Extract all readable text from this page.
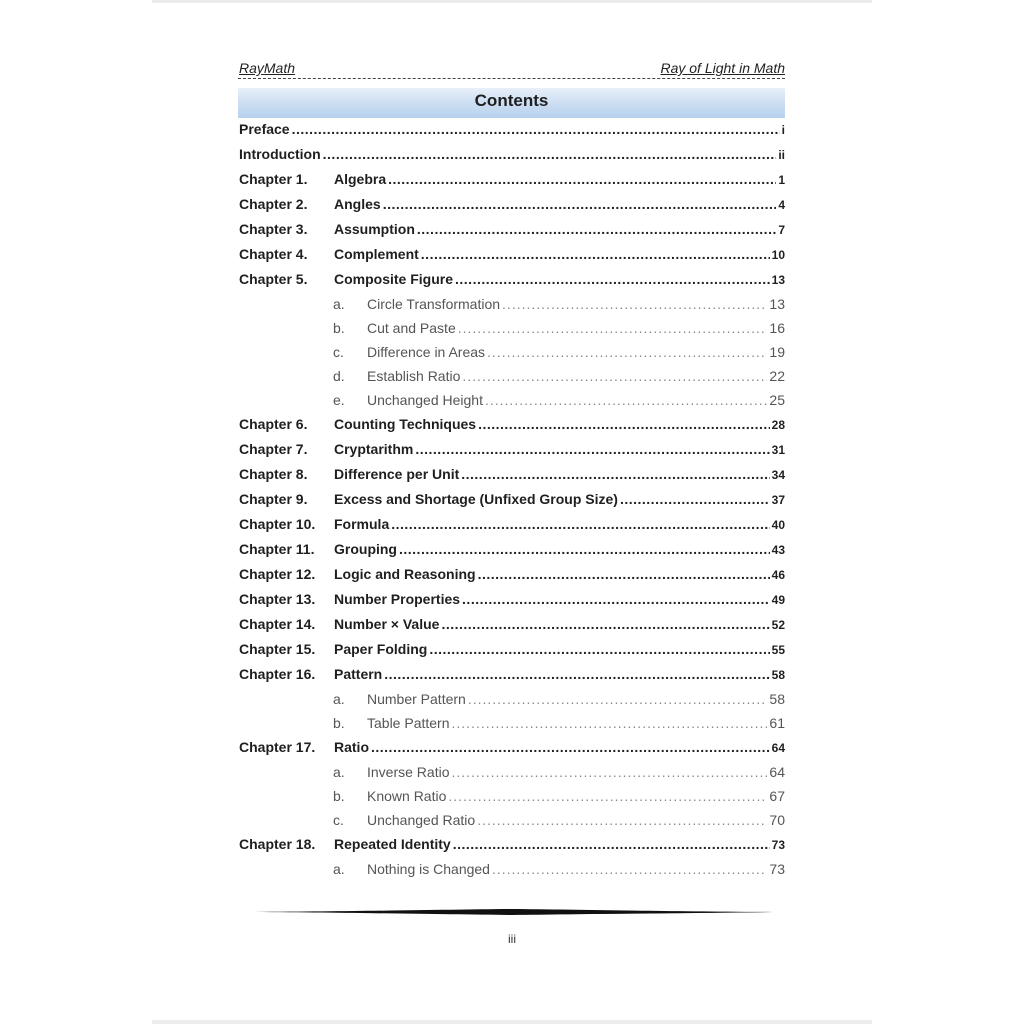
RayMath	Ray of Light in Math
Contents
Preface .....	i
Introduction .....	ii
Chapter 1.	Algebra .....	1
Chapter 2.	Angles .....	4
Chapter 3.	Assumption .....	7
Chapter 4.	Complement .....	10
Chapter 5.	Composite Figure .....	13
a.	Circle Transformation .....	13
b.	Cut and Paste .....	16
c.	Difference in Areas .....	19
d.	Establish Ratio .....	22
e.	Unchanged Height .....	25
Chapter 6.	Counting Techniques .....	28
Chapter 7.	Cryptarithm .....	31
Chapter 8.	Difference per Unit .....	34
Chapter 9.	Excess and Shortage (Unfixed Group Size) .....	37
Chapter 10.	Formula .....	40
Chapter 11.	Grouping .....	43
Chapter 12.	Logic and Reasoning .....	46
Chapter 13.	Number Properties .....	49
Chapter 14.	Number × Value .....	52
Chapter 15.	Paper Folding .....	55
Chapter 16.	Pattern .....	58
a.	Number Pattern .....	58
b.	Table Pattern .....	61
Chapter 17.	Ratio .....	64
a.	Inverse Ratio .....	64
b.	Known Ratio .....	67
c.	Unchanged Ratio .....	70
Chapter 18.	Repeated Identity .....	73
a.	Nothing is Changed .....	73
iii
